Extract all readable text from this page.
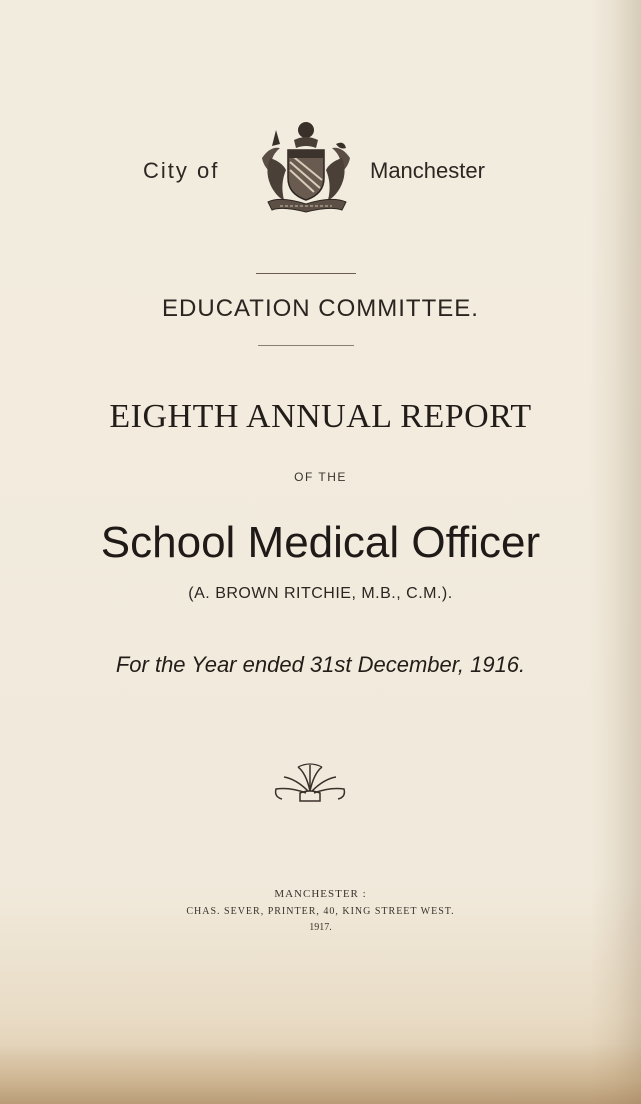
City of	Manchester
EDUCATION COMMITTEE.
EIGHTH ANNUAL REPORT
OF THE
School Medical Officer
(A. BROWN RITCHIE, M.B., C.M.).
For the Year ended 31st December, 1916.
MANCHESTER :
CHAS. SEVER, PRINTER, 40, KING STREET WEST.
1917.
